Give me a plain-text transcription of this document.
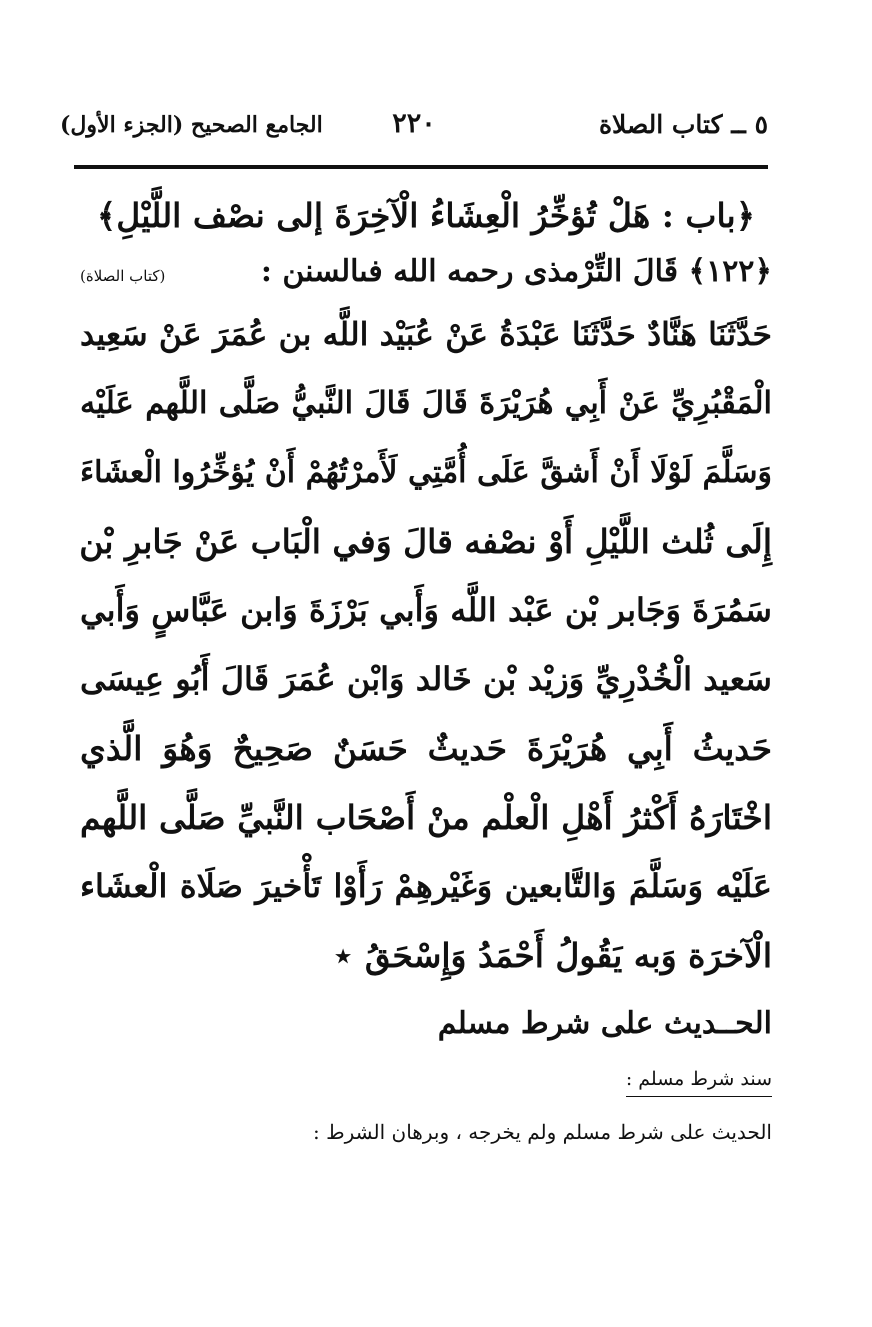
٥ ــ كتاب الصلاة
٢٢٠
الجامع الصحيح (الجزء الأول)
﴿باب : هَلْ تُؤخِّرُ الْعِشَاءُ الْآخِرَةَ إلى نصْف اللَّيْلِ﴾
﴿١٢٢﴾ قَالَ التِّرْمذى رحمه الله فىالسنن :
(كتاب الصلاة)
حَدَّثَنَا هَنَّادٌ حَدَّثَنَا عَبْدَةُ عَنْ عُبَيْد اللَّه بن عُمَرَ عَنْ سَعِيد
الْمَقْبُرِيِّ عَنْ أَبِي هُرَيْرَةَ قَالَ قَالَ النَّبيُّ صَلَّى اللَّهم عَلَيْه
وَسَلَّمَ لَوْلَا أَنْ أَشقَّ عَلَى أُمَّتِي لَأَمرْتُهُمْ أَنْ يُؤخِّرُوا الْعشَاءَ
إِلَى ثُلث اللَّيْلِ أَوْ نصْفه قالَ وَفي الْبَاب عَنْ جَابرِ بْن
سَمُرَةَ وَجَابر بْن عَبْد اللَّه وَأَبي بَرْزَةَ وَابن عَبَّاسٍ وَأَبي
سَعيد الْخُدْرِيِّ وَزيْد بْن خَالد وَابْن عُمَرَ قَالَ أَبُو عِيسَى
حَديثُ أَبِي هُرَيْرَةَ حَديثٌ حَسَنٌ صَحِيحٌ وَهُوَ الَّذي
اخْتَارَهُ أَكْثرُ أَهْلِ الْعلْم منْ أَصْحَاب النَّبيِّ صَلَّى اللَّهم
عَلَيْه وَسَلَّمَ وَالتَّابعين وَغَيْرهِمْ رَأَوْا تَأْخيرَ صَلَاة الْعشَاء
الْآخرَة وَبه يَقُولُ أَحْمَدُ وَإِسْحَقُ ⋆
الحــديث على شرط مسلم
سند شرط مسلم :
الحديث على شرط مسلم ولم يخرجه ، وبرهان الشرط :
